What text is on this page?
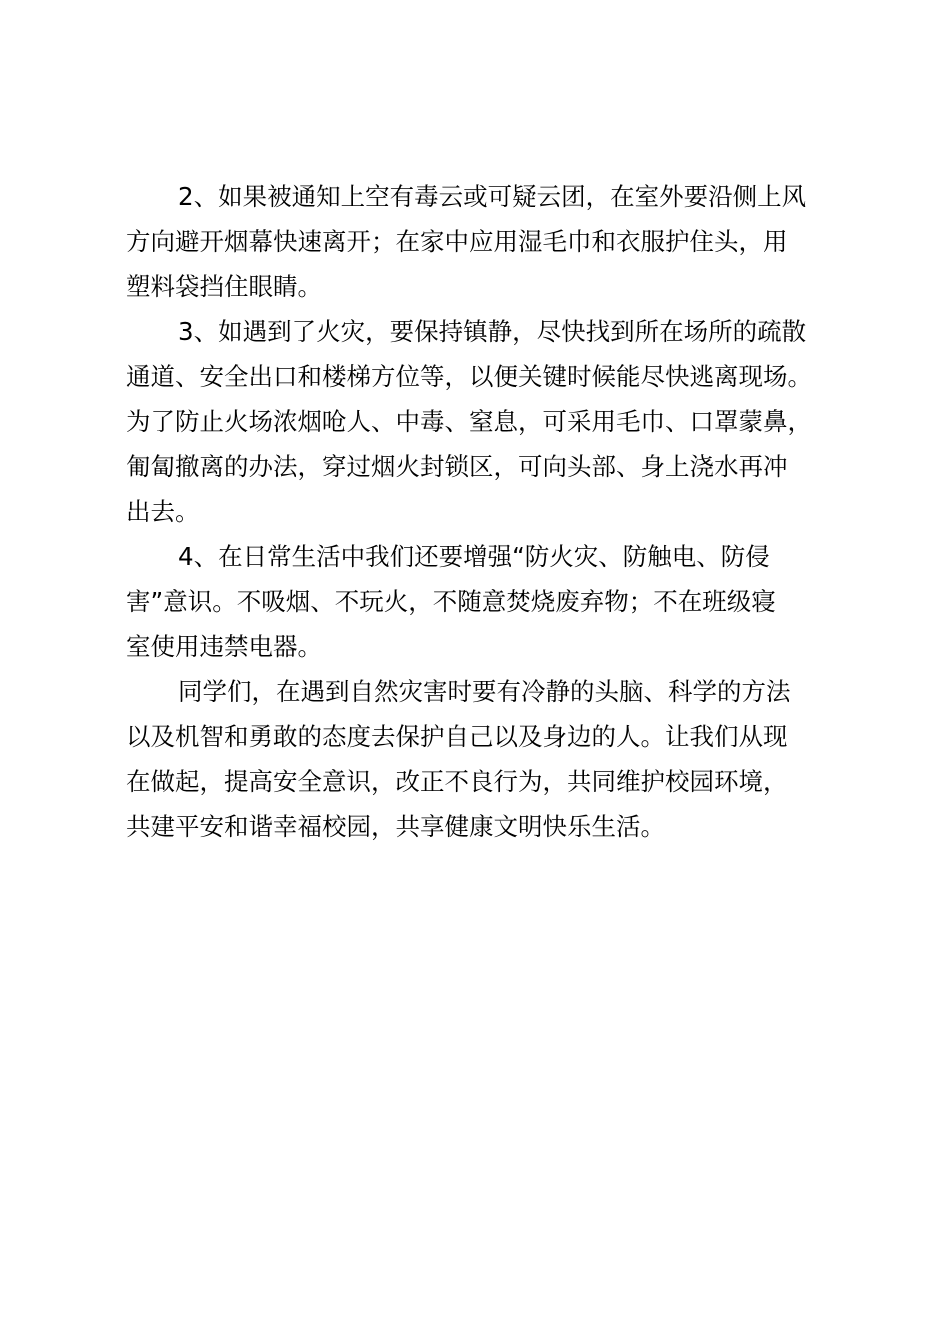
2、如果被通知上空有毒云或可疑云团，在室外要沿侧上风
方向避开烟幕快速离开；在家中应用湿毛巾和衣服护住头，用
塑料袋挡住眼睛。
3、如遇到了火灾，要保持镇静，尽快找到所在场所的疏散
通道、安全出口和楼梯方位等，以便关键时候能尽快逃离现场。
为了防止火场浓烟呛人、中毒、窒息，可采用毛巾、口罩蒙鼻，
匍匐撤离的办法，穿过烟火封锁区，可向头部、身上浇水再冲
出去。
4、在日常生活中我们还要增强“防火灾、防触电、防侵
害”意识。不吸烟、不玩火，不随意焚烧废弃物；不在班级寝
室使用违禁电器。
同学们，在遇到自然灾害时要有冷静的头脑、科学的方法
以及机智和勇敢的态度去保护自己以及身边的人。让我们从现
在做起，提高安全意识，改正不良行为，共同维护校园环境，
共建平安和谐幸福校园，共享健康文明快乐生活。
